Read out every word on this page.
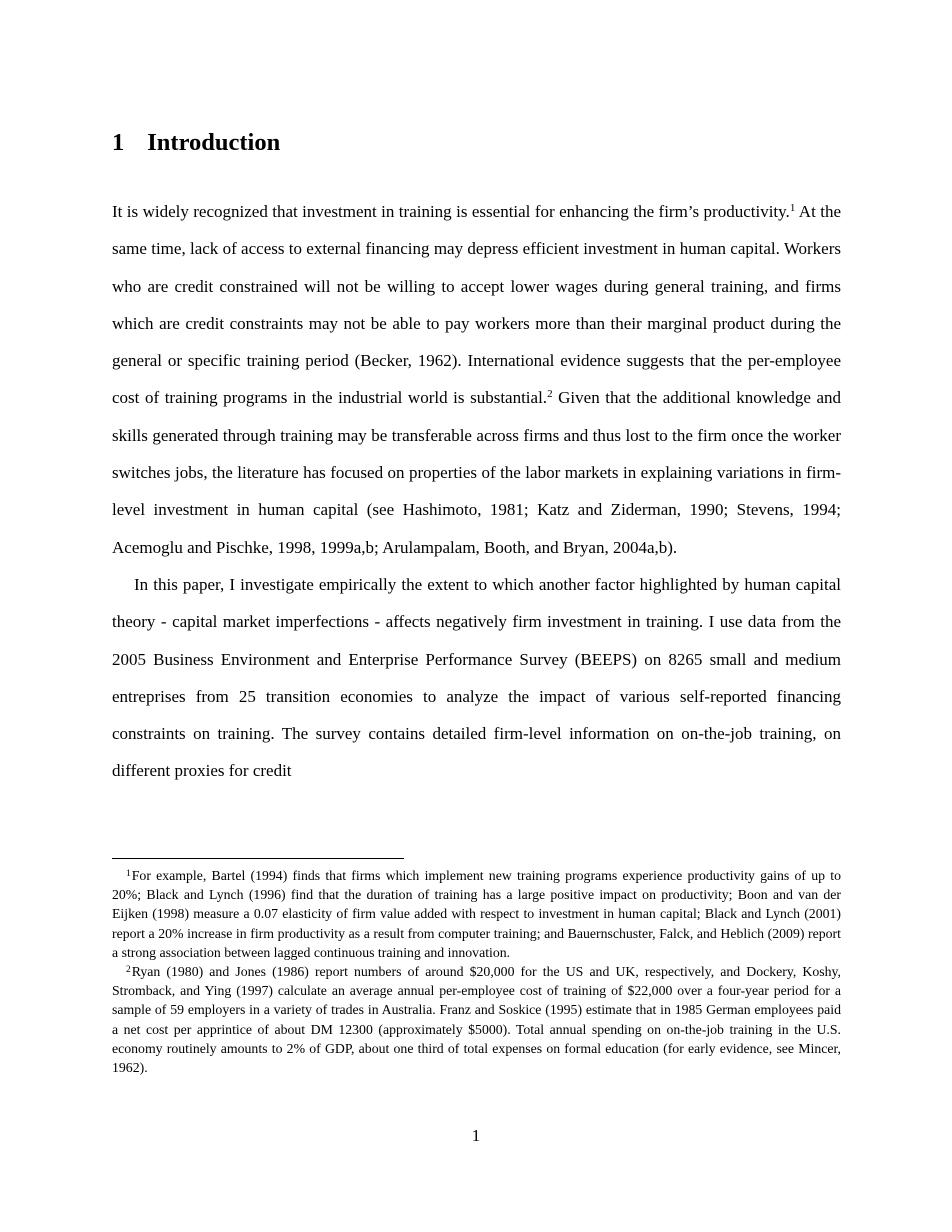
1 Introduction

It is widely recognized that investment in training is essential for enhancing the firm’s productivity.$^1$ At the same time, lack of access to external financing may depress efficient investment in human capital. Workers who are credit constrained will not be willing to accept lower wages during general training, and firms which are credit constraints may not be able to pay workers more than their marginal product during the general or specific training period (Becker, 1962). International evidence suggests that the per-employee cost of training programs in the industrial world is substantial.$^2$ Given that the additional knowledge and skills generated through training may be transferable across firms and thus lost to the firm once the worker switches jobs, the literature has focused on properties of the labor markets in explaining variations in firm-level investment in human capital (see Hashimoto, 1981; Katz and Ziderman, 1990; Stevens, 1994; Acemoglu and Pischke, 1998, 1999a,b; Arulampalam, Booth, and Bryan, 2004a,b).

In this paper, I investigate empirically the extent to which another factor highlighted by human capital theory - capital market imperfections - affects negatively firm investment in training. I use data from the 2005 Business Environment and Enterprise Performance Survey (BEEPS) on 8265 small and medium entreprises from 25 transition economies to analyze the impact of various self-reported financing constraints on training. The survey contains detailed firm-level information on on-the-job training, on different proxies for credit

$^1$For example, Bartel (1994) finds that firms which implement new training programs experience productivity gains of up to 20%; Black and Lynch (1996) find that the duration of training has a large positive impact on productivity; Boon and van der Eijken (1998) measure a 0.07 elasticity of firm value added with respect to investment in human capital; Black and Lynch (2001) report a 20% increase in firm productivity as a result from computer training; and Bauernschuster, Falck, and Heblich (2009) report a strong association between lagged continuous training and innovation.

$^2$Ryan (1980) and Jones (1986) report numbers of around $20,000 for the US and UK, respectively, and Dockery, Koshy, Stromback, and Ying (1997) calculate an average annual per-employee cost of training of $22,000 over a four-year period for a sample of 59 employers in a variety of trades in Australia. Franz and Soskice (1995) estimate that in 1985 German employees paid a net cost per apprintice of about DM 12300 (approximately $5000). Total annual spending on on-the-job training in the U.S. economy routinely amounts to 2% of GDP, about one third of total expenses on formal education (for early evidence, see Mincer, 1962).

1
